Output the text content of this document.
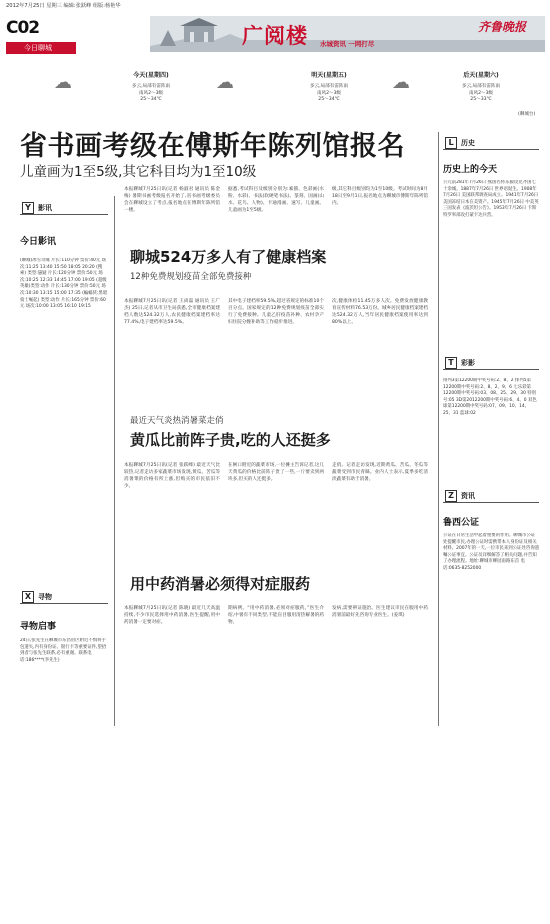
2012年7月25日 星期三 编辑:张跃峰 组版:杨艳华
C02
今日聊城	广阅楼 水城资讯 一网打尽
齐鲁晚报
☁	今天(星期四)
多云,局部有雷阵雨
南风2～3级
25～34℃
☁	明天(星期五)
多云,局部有雷阵雨
南风2～3级
25～34℃
☁	后天(星期六)
多云,局部有雷阵雨
南风2～3级
25～33℃
(聊城台)
省书画考级在傅斯年陈列馆报名
儿童画为1至5级,其它科目均为1至10级
Y	影讯
今日影讯
(聊城)冰雪奇缘 片长:110分钟 票价:40元 场次:11:25 13:40 15:50 18:05 20:20 (搜索) 类型:悬疑 片长:120分钟 票价:50元 场次:10:25 12:33 14:45 17:00 19:05 (超级英雄)类型:动作 片长:130分钟 票价:50元 场次:10:30 13:15 15:00 17:35 (蝙蝠侠:黑暗骑士崛起) 类型:动作 片长:165分钟 票价:60元 场次:10:00 13:05 16:10 19:15
X 寻物
寻物启事
24日,张先生在聊城市东昌府区附近不慎将手包遗失,内有身份证、银行卡等重要证件,望拾到者与张先生联系,必有重谢。联系电话:186****(李先生)
本报聊城7月25日讯(记者 杨淑君 通讯员 陈金梅) 暑期书画考级报名开始了,省书画考级委员会在聊城设立了考点,报名地点在傅斯年陈列馆一楼。
据悉,考试科目及级别分别为:素描、色彩画(水粉、水彩)、书法(软硬笔书法)、篆刻、国画(山水、花鸟、人物)、卡通漫画、速写、儿童画。儿童画为1至5级。
级,其它科目级别均为1至10级。考试时间为8月18日至9月1日,报名地点为聊城市傅斯年陈列馆内。
聊城524万多人有了健康档案
12种免费规划疫苗全部免费接种
本报聊城7月25日讯(记者 王尚磊 通讯员 王广杰) 25日,记者从市卫生局获悉,全市健康档案建档人数达524.32万人,农民健康档案建档率达77.4%,电子建档率达59.5%。
其中电子建档率59.5%,超过省规定的标准10个百分点。国家规定的12种免费规划疫苗全部实行了免费接种。儿童乙肝疫苗补种、农村孕产妇住院分娩补助等工作稳步推进。
次,健康体检11.45万多人次。免费发放健康教育宣传材料76.53万份。城乡居民健康档案建档达524.32万人,当年居民健康档案使用率达到80%以上。
最近天气炎热消暑菜走俏
黄瓜比前阵子贵,吃的人还挺多
本报聊城7月25日讯(记者 张跃峰) 最近天气比较热,记者走访多家蔬菜市场发现,黄瓜、苦瓜等消暑菜的价格有所上涨,但购买的市民依旧不少。
在闸口附近的蔬菜市场,一位摊主告诉记者,这几天黄瓜的价格比前阵子贵了一些,一斤要卖到两块多,但买的人还挺多。
走俏。记者走访发现,近期黄瓜、苦瓜、冬瓜等蔬菜受到市民青睐。业内人士表示,夏季多吃清淡蔬菜有助于消暑。
用中药消暑必须得对症服药
本报聊城7月25日讯(记者 陈晓) 最近几天高温持续,不少市民选择用中药消暑,医生提醒,用中药消暑一定要对症。
期病例。“用中药消暑,必须对症服药。”医生介绍,中暑有不同类型,不能盲目服用清热解暑的药物。
发病,需要辨证施治。医生建议市民在服用中药消暑前最好先咨询专业医生。(姜琪)
L	历史
历史上的今天
公元前281年7月26日 燕国名将乐毅攻克齐国七十余城。1887年7月26日 世界语诞生。1908年7月26日 美国联邦调查局成立。1941年7月26日 美国冻结日本在美资产。1945年7月26日 中美英三国发表《波茨坦公告》。1953年7月26日 卡斯特罗率部攻打蒙卡达兵营。
T	彩影
排列3第12200期中奖号码:2、8、2 排列5第12200期中奖号码:2、8、2、9、6 七乐彩第12200期中奖号码:03、08、25、29、30 特别号:05 3D第2012200期中奖号码:6、4、0 双色球第12200期中奖号码:07、09、10、14、25、31 蓝球:02
Z	资讯
鲁西公证
公证在日常生活中起着重要的作用。聊城市公证处提醒市民,办理公证时需携带本人身份证及相关材料。2007年的一天,一位市民来到公证处咨询遗嘱公证事宜。公证员详细解答了相关问题,并告知了办理流程。地址:聊城市柳园南路东首 电话:0635-8252000
